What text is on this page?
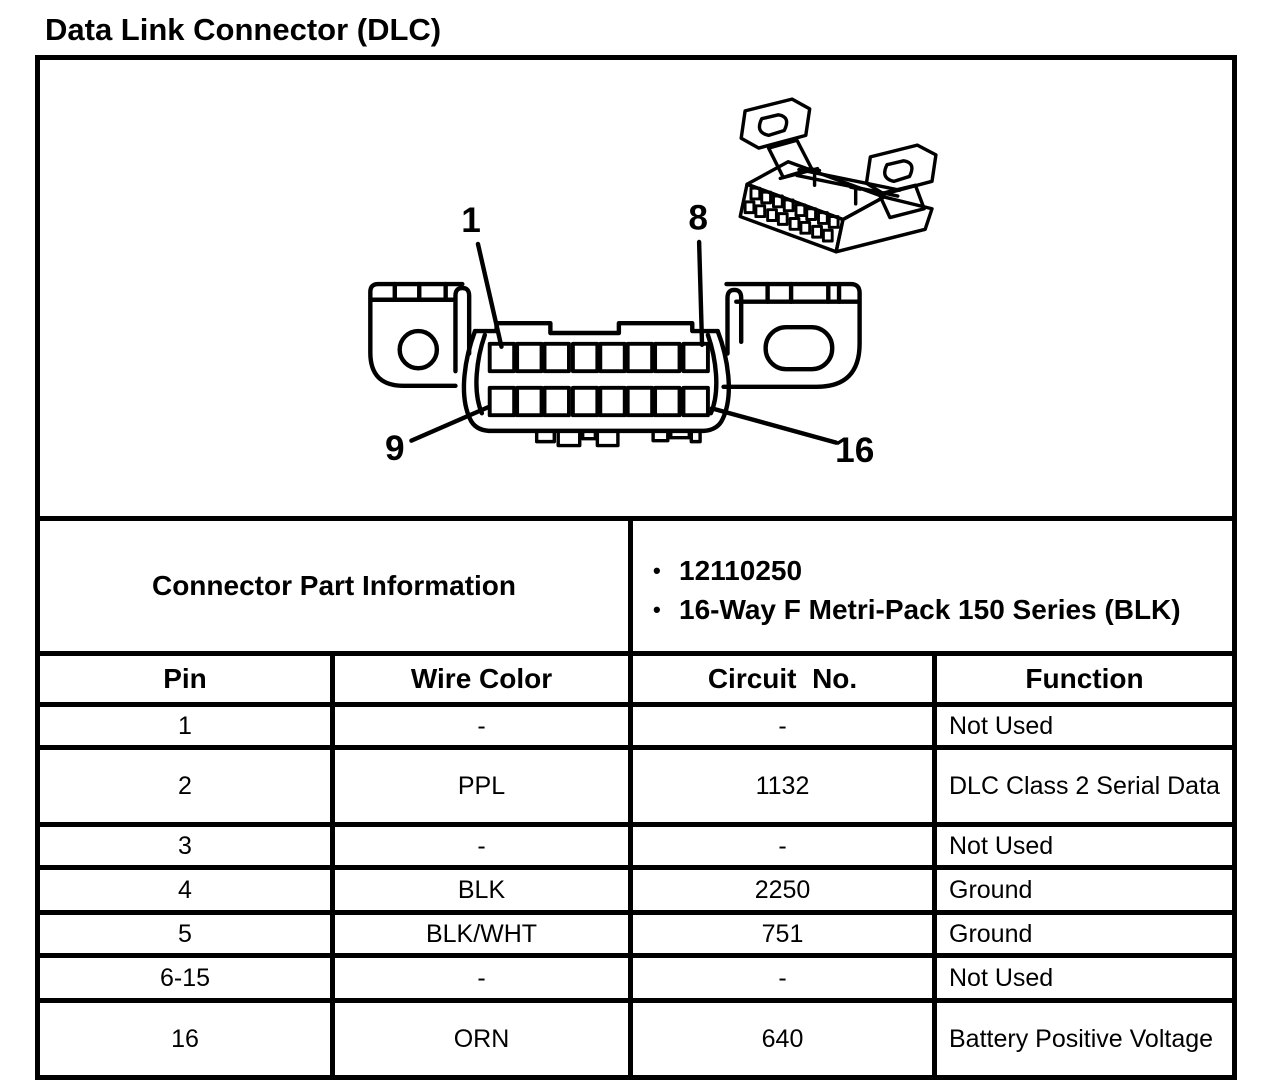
Data Link Connector (DLC)
1 8
9 16			

Connector Part Information		• 12110250
• 16-Way F Metri-Pack 150 Series (BLK)	

Pin	Wire Color	Circuit  No.	Function
1	-	-	Not Used
2	PPL	1132	DLC Class 2 Serial Data
3	-	-	Not Used
4	BLK	2250	Ground
5	BLK/WHT	751	Ground
6-15	-	-	Not Used
16	ORN	640	Battery Positive Voltage
